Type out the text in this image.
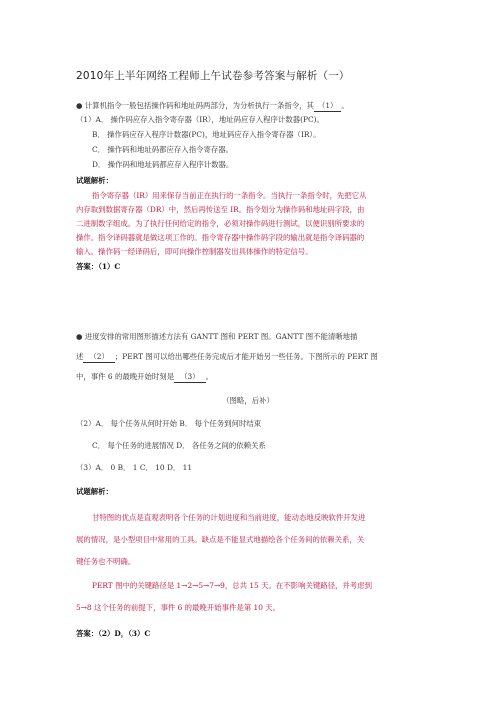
2010年上半年网络工程师上午试卷参考答案与解析（一）
● 计算机指令一般包括操作码和地址码两部分，为分析执行一条指令，其 （1） 。
（1）A． 操作码应存入指令寄存器（IR），地址码应存入程序计数器(PC)。
B． 操作码应存入程序计数器(PC)，地址码应存入指令寄存器（IR）。
C． 操作码和地址码都应存入指令寄存器。
D． 操作码和地址码都应存入程序计数器。
试题解析：
指令寄存器（IR）用来保存当前正在执行的一条指令。当执行一条指令时，先把它从
内存取到数据寄存器（DR）中，然后再传送至 IR。指令划分为操作码和地址码字段，由
二进制数字组成。为了执行任何给定的指令，必须对操作码进行测试，以便识别所要求的
操作。指令译码器就是做这项工作的。指令寄存器中操作码字段的输出就是指令译码器的
输入。操作码一经译码后，即可向操作控制器发出具体操作的特定信号。
答案：（1）C
● 进度安排的常用图形描述方法有 GANTT 图和 PERT 图。GANTT 图不能清晰地描
述 （2） ；PERT 图可以给出哪些任务完成后才能开始另一些任务。下图所示的 PERT 图
中，事件 6 的最晚开始时刻是 （3） 。
（图略，后补）
（2）A． 每个任务从何时开始 B． 每个任务到何时结束
C． 每个任务的进展情况 D． 各任务之间的依赖关系
（3）A． 0 B． 1 C． 10 D． 11
试题解析：
甘特图的优点是直观表明各个任务的计划进度和当前进度，能动态地反映软件开发进
展的情况，是小型项目中常用的工具。缺点是不能显式地描绘各个任务间的依赖关系，关
键任务也不明确。
PERT 图中的关键路径是 1→2→5→7→9，总共 15 天。在不影响关键路径，并考虑到
5→8 这个任务的前提下，事件 6 的最晚开始事件是第 10 天。
答案：（2）D，（3）C
